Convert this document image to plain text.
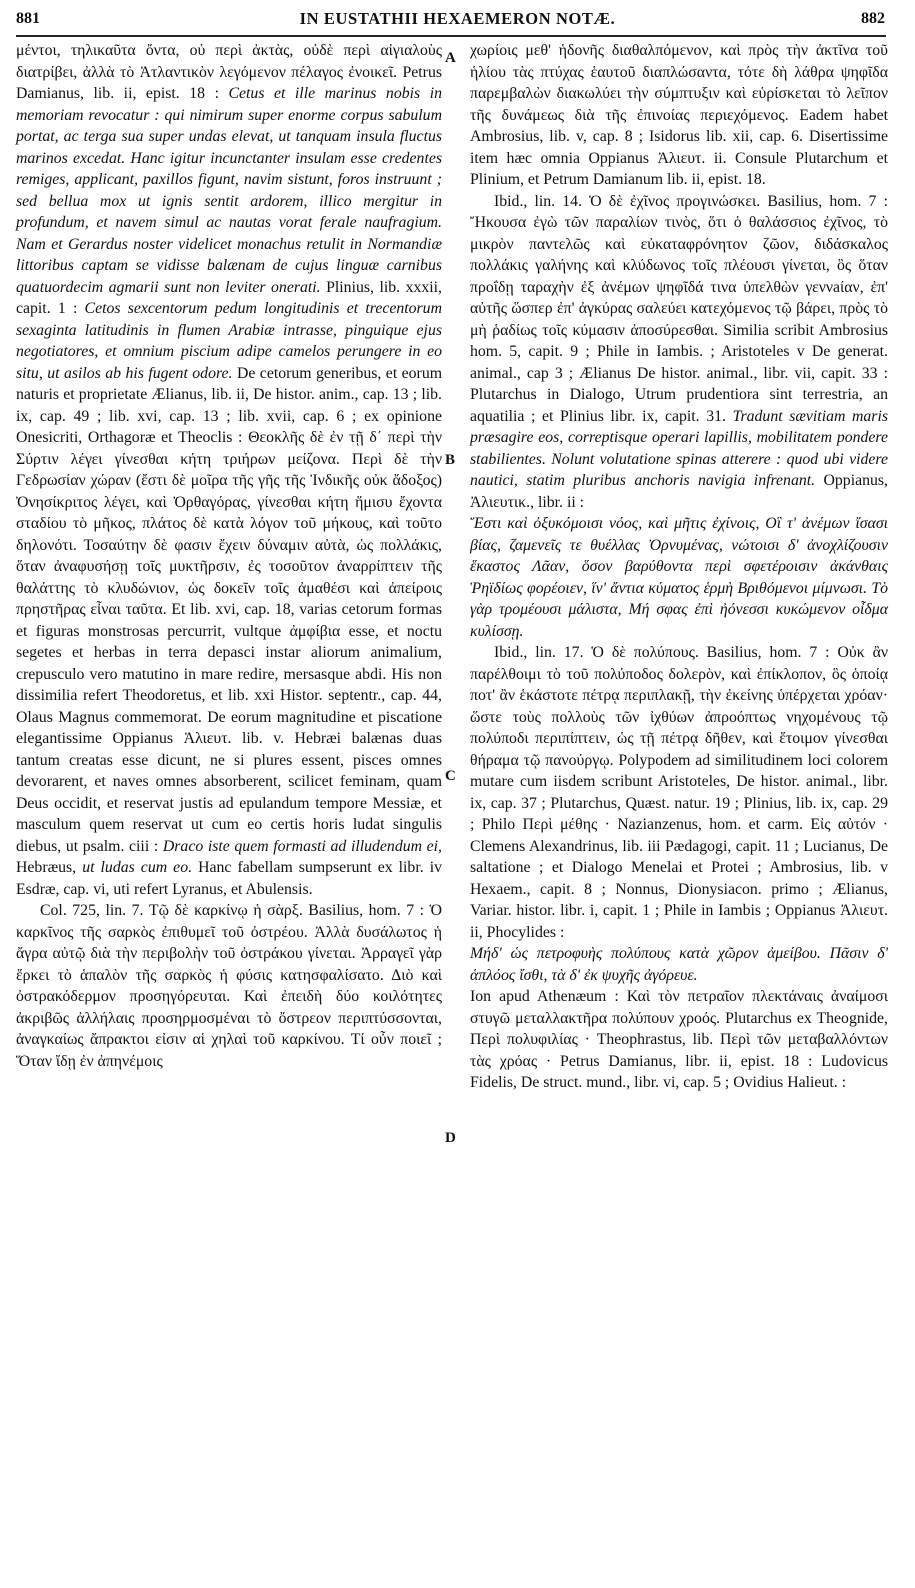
881	IN EUSTATHII HEXAEMERON NOTÆ.	882
A
B
C
D

μέντοι, τηλικαῦτα ὄντα, οὐ περὶ ἀκτὰς, οὐδὲ περὶ αἰγιαλοὺς διατρίβει, ἀλλὰ τὸ Ἀτλαντικὸν λεγόμενον πέλαγος ἐνοικεῖ. Petrus Damianus, lib. ii, epist. 18 : Cetus et ille marinus nobis in memoriam revocatur : qui nimirum super enorme corpus sabulum portat, ac terga sua super undas elevat, ut tanquam insula fluctus marinos excedat. Hanc igitur incunctanter insulam esse credentes remiges, applicant, paxillos figunt, navim sistunt, foros instruunt ; sed bellua mox ut ignis sentit ardorem, illico mergitur in profundum, et navem simul ac nautas vorat ferale naufragium. Nam et Gerardus noster videlicet monachus retulit in Normandiæ littoribus captam se vidisse balænam de cujus linguæ carnibus quatuordecim agmarii sunt non leviter onerati. Plinius, lib. xxxii, capit. 1 : Cetos sexcentorum pedum longitudinis et trecentorum sexaginta latitudinis in flumen Arabiæ intrasse, pinguique ejus negotiatores, et omnium piscium adipe camelos perungere in eo situ, ut asilos ab his fugent odore. De cetorum generibus, et eorum naturis et proprietate Ælianus, lib. ii, De histor. anim., cap. 13 ; lib. ix, cap. 49 ; lib. xvi, cap. 13 ; lib. xvii, cap. 6 ; ex opinione Onesicriti, Orthagoræ et Theoclis : Θεοκλῆς δὲ ἐν τῇ δ΄ περὶ τὴν Σύρτιν λέγει γίνεσθαι κήτη τριήρων μείζονα. Περὶ δὲ τὴν Γεδρωσίαν χώραν (ἔστι δὲ μοῖρα τῆς γῆς τῆς Ἰνδικῆς οὐκ ἄδοξος) Ὀνησίκριτος λέγει, καὶ Ὀρθαγόρας, γίνεσθαι κήτη ἥμισυ ἔχοντα σταδίου τὸ μῆκος, πλάτος δὲ κατὰ λόγον τοῦ μήκους, καὶ τοῦτο δηλονότι. Τοσαύτην δὲ φασιν ἔχειν δύναμιν αὐτὰ, ὡς πολλάκις, ὅταν ἀναφυσήσῃ τοῖς μυκτῆρσιν, ἐς τοσοῦτον ἀναρρίπτειν τῆς θαλάττης τὸ κλυδώνιον, ὡς δοκεῖν τοῖς ἀμαθέσι καὶ ἀπείροις πρηστῆρας εἶναι ταῦτα. Et lib. xvi, cap. 18, varias cetorum formas et figuras monstrosas percurrit, vultque ἀμφίβια esse, et noctu segetes et herbas in terra depasci instar aliorum animalium, crepusculo vero matutino in mare redire, mersasque abdi. His non dissimilia refert Theodoretus, et lib. xxi Histor. septentr., cap. 44, Olaus Magnus commemorat. De eorum magnitudine et piscatione elegantissime Oppianus Ἀλιευτ. lib. v. Hebræi balænas duas tantum creatas esse dicunt, ne si plures essent, pisces omnes devorarent, et naves omnes absorberent, scilicet feminam, quam Deus occidit, et reservat justis ad epulandum tempore Messiæ, et masculum quem reservat ut cum eo certis horis ludat singulis diebus, ut psalm. ciii : Draco iste quem formasti ad illudendum ei, Hebræus, ut ludas cum eo. Hanc fabellam sumpserunt ex libr. iv Esdræ, cap. vi, uti refert Lyranus, et Abulensis.

Col. 725, lin. 7. Τῷ δὲ καρκίνῳ ἡ σὰρξ. Basilius, hom. 7 : Ὁ καρκῖνος τῆς σαρκὸς ἐπιθυμεῖ τοῦ ὀστρέου. Ἀλλὰ δυσάλωτος ἡ ἄγρα αὐτῷ διὰ τὴν περιβολὴν τοῦ ὀστράκου γίνεται. Ἀρραγεῖ γὰρ ἕρκει τὸ ἁπαλὸν τῆς σαρκὸς ἡ φύσις κατησφαλίσατο. Διὸ καὶ ὀστρακόδερμον προσηγόρευται. Καὶ ἐπειδὴ δύο κοιλότητες ἀκριβῶς ἀλλήλαις προσηρμοσμέναι τὸ ὄστρεον περιπτύσσονται, ἀναγκαίως ἄπρακτοι εἰσιν αἱ χηλαὶ τοῦ καρκίνου. Τί οὖν ποιεῖ ; Ὅταν ἴδῃ ἐν ἀπηνέμοις

χωρίοις μεθ' ἡδονῆς διαθαλπόμενον, καὶ πρὸς τὴν ἀκτῖνα τοῦ ἡλίου τὰς πτύχας ἑαυτοῦ διαπλώσαντα, τότε δὴ λάθρα ψηφῖδα παρεμβαλὼν διακωλύει τὴν σύμπτυξιν καὶ εὑρίσκεται τὸ λεῖπον τῆς δυνάμεως διὰ τῆς ἐπινοίας περιεχόμενος. Eadem habet Ambrosius, lib. v, cap. 8 ; Isidorus lib. xii, cap. 6. Disertissime item hæc omnia Oppianus Ἀλιευτ. ii. Consule Plutarchum et Plinium, et Petrum Damianum lib. ii, epist. 18.

Ibid., lin. 14. Ὁ δὲ ἐχῖνος προγινώσκει. Basilius, hom. 7 : Ἤκουσα ἐγὼ τῶν παραλίων τινὸς, ὅτι ὁ θαλάσσιος ἐχῖνος, τὸ μικρὸν παντελῶς καὶ εὐκαταφρόνητον ζῶον, διδάσκαλος πολλάκις γαλήνης καὶ κλύδωνος τοῖς πλέουσι γίνεται, ὃς ὅταν προΐδῃ ταραχὴν ἐξ ἀνέμων ψηφῖδά τινα ὑπελθὼν γεννaίαν, ἐπ' αὐτῆς ὥσπερ ἐπ' ἀγκύρας σαλεύει κατεχόμενος τῷ βάρει, πρὸς τὸ μὴ ῥαδίως τοῖς κύμασιν ἀποσύρεσθαι. Similia scribit Ambrosius hom. 5, capit. 9 ; Phile in Iambis. ; Aristoteles v De generat. animal., cap 3 ; Ælianus De histor. animal., libr. vii, capit. 33 : Plutarchus in Dialogo, Utrum prudentiora sint terrestria, an aquatilia ; et Plinius libr. ix, capit. 31. Tradunt sævitiam maris præsagire eos, correptisque operari lapillis, mobilitatem pondere stabilientes. Nolunt volutatione spinas atterere : quod ubi videre nautici, statim pluribus anchoris navigia infrenant. Oppianus, Ἀλιευτικ., libr. ii :

Ἔστι καὶ ὀξυκόμοισι νόος, καὶ μῆτις ἐχίνοις, Οἳ τ' ἀνέμων ἴσασι βίας, ζαμενεῖς τε θυέλλας Ὀρνυμένας, νώτοισι δ' ἀνοχλίζουσιν ἕκαστος Λᾶαν, ὅσον βαρύθοντα περὶ σφετέροισιν ἀκάνθαις Ῥηϊδίως φορέοιεν, ἵν' ἄντια κύματος ἑρμὴ Βριθόμενοι μίμνωσι. Τὸ γὰρ τρομέουσι μάλιστα, Μή σφας ἐπὶ ἠόνεσσι κυκώμενον οἶδμα κυλίσσῃ.

Ibid., lin. 17. Ὁ δὲ πολύπους. Basilius, hom. 7 : Οὐκ ἂν παρέλθοιμι τὸ τοῦ πολύποδος δολερὸν, καὶ ἐπίκλοπον, ὃς ὁποίᾳ ποτ' ἂν ἑκάστοτε πέτρᾳ περιπλακῇ, τὴν ἐκείνης ὑπέρχεται χρόαν· ὥστε τοὺς πολλοὺς τῶν ἰχθύων ἀπροόπτως νηχομένους τῷ πολύποδι περιπίπτειν, ὡς τῇ πέτρᾳ δῆθεν, καὶ ἕτοιμον γίνεσθαι θήραμα τῷ πανούργῳ. Polypodem ad similitudinem loci colorem mutare cum iisdem scribunt Aristoteles, De histor. animal., libr. ix, cap. 37 ; Plutarchus, Quæst. natur. 19 ; Plinius, lib. ix, cap. 29 ; Philo Περὶ μέθης · Nazianzenus, hom. et carm. Εἰς αὐτόν · Clemens Alexandrinus, lib. iii Pædagogi, capit. 11 ; Lucianus, De saltatione ; et Dialogo Menelai et Protei ; Ambrosius, lib. v Hexaem., capit. 8 ; Nonnus, Dionysiacon. primo ; Ælianus, Variar. histor. libr. i, capit. 1 ; Phile in Iambis ; Oppianus Ἀλιευτ. ii, Phocylides :

Μήδ' ὡς πετροφυὴς πολύπους κατὰ χῶρον ἀμείβου. Πᾶσιν δ' ἁπλόος ἴσθι, τὰ δ' ἐκ ψυχῆς ἀγόρευε.

Ion apud Athenæum : Καὶ τὸν πετραῖον πλεκτάναις ἀναίμοσι στυγῶ μεταλλακτῆρα πολύπουν χροός. Plutarchus ex Theognide, Περὶ πολυφιλίας · Theophrastus, lib. Περὶ τῶν μεταβαλλόντων τὰς χρόας · Petrus Damianus, libr. ii, epist. 18 : Ludovicus Fidelis, De struct. mund., libr. vi, cap. 5 ; Ovidius Halieut. :
